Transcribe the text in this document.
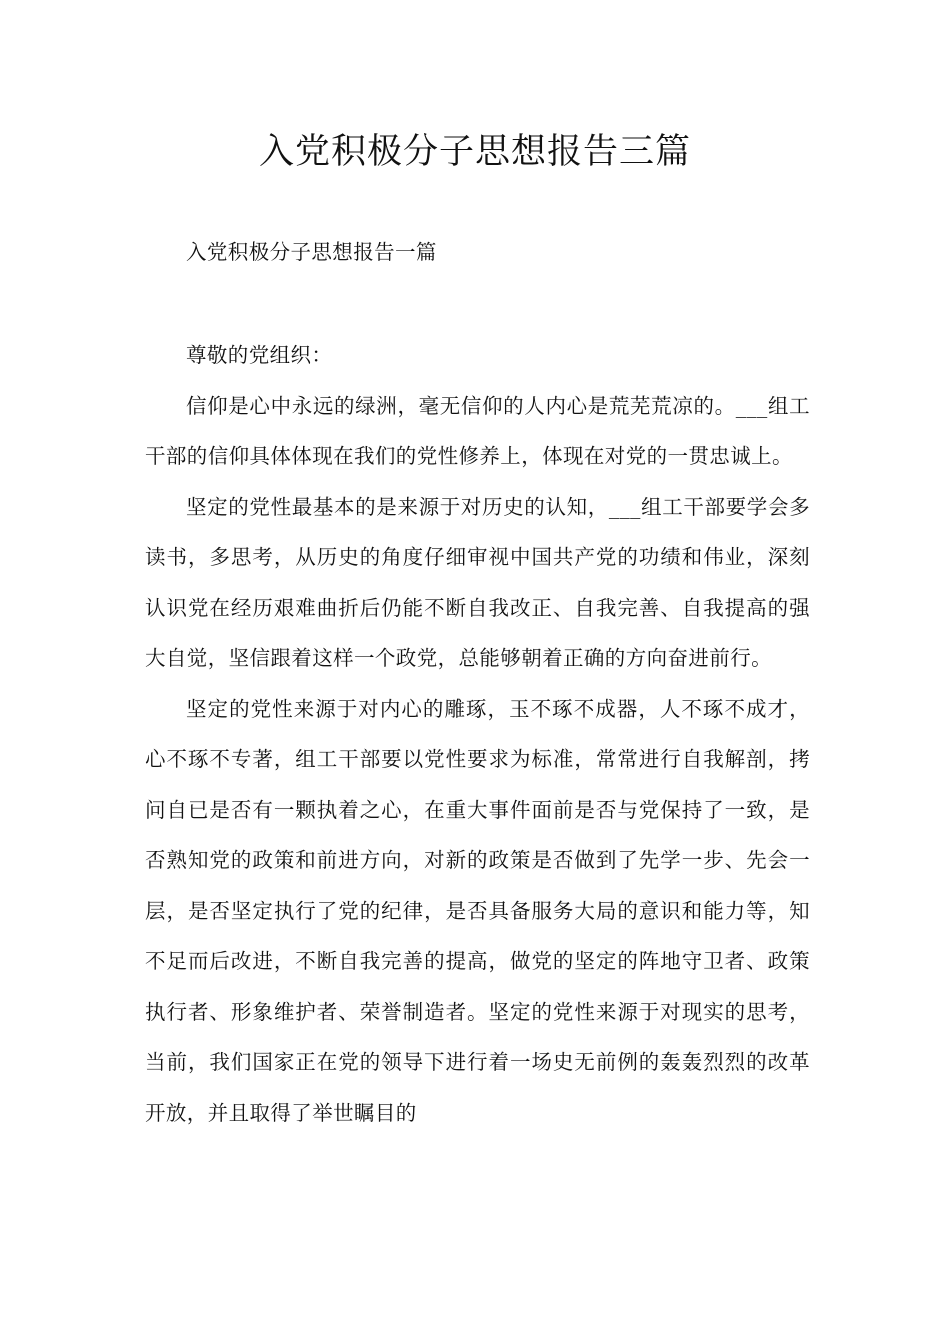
入党积极分子思想报告三篇

入党积极分子思想报告一篇

尊敬的党组织：

信仰是心中永远的绿洲，毫无信仰的人内心是荒芜荒凉的。___组工干部的信仰具体体现在我们的党性修养上，体现在对党的一贯忠诚上。

坚定的党性最基本的是来源于对历史的认知，___组工干部要学会多读书，多思考，从历史的角度仔细审视中国共产党的功绩和伟业，深刻认识党在经历艰难曲折后仍能不断自我改正、自我完善、自我提高的强大自觉，坚信跟着这样一个政党，总能够朝着正确的方向奋进前行。

坚定的党性来源于对内心的雕琢，玉不琢不成器，人不琢不成才，心不琢不专著，组工干部要以党性要求为标准，常常进行自我解剖，拷问自已是否有一颗执着之心，在重大事件面前是否与党保持了一致，是否熟知党的政策和前进方向，对新的政策是否做到了先学一步、先会一层，是否坚定执行了党的纪律，是否具备服务大局的意识和能力等，知不足而后改进，不断自我完善的提高，做党的坚定的阵地守卫者、政策执行者、形象维护者、荣誉制造者。坚定的党性来源于对现实的思考，当前，我们国家正在党的领导下进行着一场史无前例的轰轰烈烈的改革开放，并且取得了举世瞩目的
